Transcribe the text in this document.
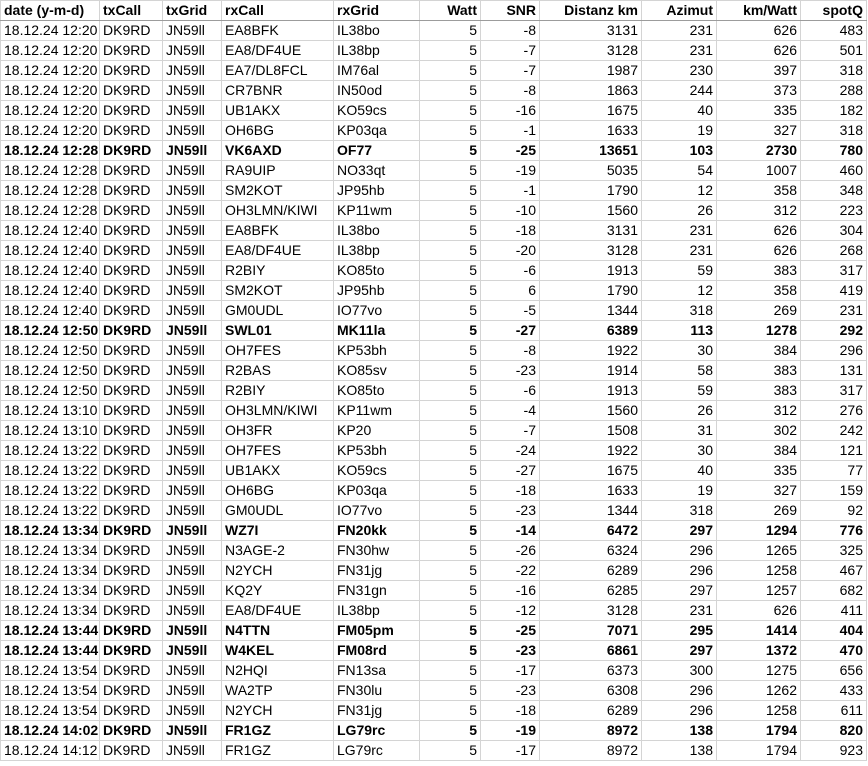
date (y-m-d)	txCall	txGrid	rxCall	rxGrid	Watt	SNR	Distanz km	Azimut	km/Watt	spotQ
18.12.24 12:20	DK9RD	JN59ll	EA8BFK	IL38bo	5	-8	3131	231	626	483
18.12.24 12:20	DK9RD	JN59ll	EA8/DF4UE	IL38bp	5	-7	3128	231	626	501
18.12.24 12:20	DK9RD	JN59ll	EA7/DL8FCL	IM76al	5	-7	1987	230	397	318
18.12.24 12:20	DK9RD	JN59ll	CR7BNR	IN50od	5	-8	1863	244	373	288
18.12.24 12:20	DK9RD	JN59ll	UB1AKX	KO59cs	5	-16	1675	40	335	182
18.12.24 12:20	DK9RD	JN59ll	OH6BG	KP03qa	5	-1	1633	19	327	318
18.12.24 12:28	DK9RD	JN59ll	VK6AXD	OF77	5	-25	13651	103	2730	780
18.12.24 12:28	DK9RD	JN59ll	RA9UIP	NO33qt	5	-19	5035	54	1007	460
18.12.24 12:28	DK9RD	JN59ll	SM2KOT	JP95hb	5	-1	1790	12	358	348
18.12.24 12:28	DK9RD	JN59ll	OH3LMN/KIWI	KP11wm	5	-10	1560	26	312	223
18.12.24 12:40	DK9RD	JN59ll	EA8BFK	IL38bo	5	-18	3131	231	626	304
18.12.24 12:40	DK9RD	JN59ll	EA8/DF4UE	IL38bp	5	-20	3128	231	626	268
18.12.24 12:40	DK9RD	JN59ll	R2BIY	KO85to	5	-6	1913	59	383	317
18.12.24 12:40	DK9RD	JN59ll	SM2KOT	JP95hb	5	6	1790	12	358	419
18.12.24 12:40	DK9RD	JN59ll	GM0UDL	IO77vo	5	-5	1344	318	269	231
18.12.24 12:50	DK9RD	JN59ll	SWL01	MK11la	5	-27	6389	113	1278	292
18.12.24 12:50	DK9RD	JN59ll	OH7FES	KP53bh	5	-8	1922	30	384	296
18.12.24 12:50	DK9RD	JN59ll	R2BAS	KO85sv	5	-23	1914	58	383	131
18.12.24 12:50	DK9RD	JN59ll	R2BIY	KO85to	5	-6	1913	59	383	317
18.12.24 13:10	DK9RD	JN59ll	OH3LMN/KIWI	KP11wm	5	-4	1560	26	312	276
18.12.24 13:10	DK9RD	JN59ll	OH3FR	KP20	5	-7	1508	31	302	242
18.12.24 13:22	DK9RD	JN59ll	OH7FES	KP53bh	5	-24	1922	30	384	121
18.12.24 13:22	DK9RD	JN59ll	UB1AKX	KO59cs	5	-27	1675	40	335	77
18.12.24 13:22	DK9RD	JN59ll	OH6BG	KP03qa	5	-18	1633	19	327	159
18.12.24 13:22	DK9RD	JN59ll	GM0UDL	IO77vo	5	-23	1344	318	269	92
18.12.24 13:34	DK9RD	JN59ll	WZ7I	FN20kk	5	-14	6472	297	1294	776
18.12.24 13:34	DK9RD	JN59ll	N3AGE-2	FN30hw	5	-26	6324	296	1265	325
18.12.24 13:34	DK9RD	JN59ll	N2YCH	FN31jg	5	-22	6289	296	1258	467
18.12.24 13:34	DK9RD	JN59ll	KQ2Y	FN31gn	5	-16	6285	297	1257	682
18.12.24 13:34	DK9RD	JN59ll	EA8/DF4UE	IL38bp	5	-12	3128	231	626	411
18.12.24 13:44	DK9RD	JN59ll	N4TTN	FM05pm	5	-25	7071	295	1414	404
18.12.24 13:44	DK9RD	JN59ll	W4KEL	FM08rd	5	-23	6861	297	1372	470
18.12.24 13:54	DK9RD	JN59ll	N2HQI	FN13sa	5	-17	6373	300	1275	656
18.12.24 13:54	DK9RD	JN59ll	WA2TP	FN30lu	5	-23	6308	296	1262	433
18.12.24 13:54	DK9RD	JN59ll	N2YCH	FN31jg	5	-18	6289	296	1258	611
18.12.24 14:02	DK9RD	JN59ll	FR1GZ	LG79rc	5	-19	8972	138	1794	820
18.12.24 14:12	DK9RD	JN59ll	FR1GZ	LG79rc	5	-17	8972	138	1794	923
